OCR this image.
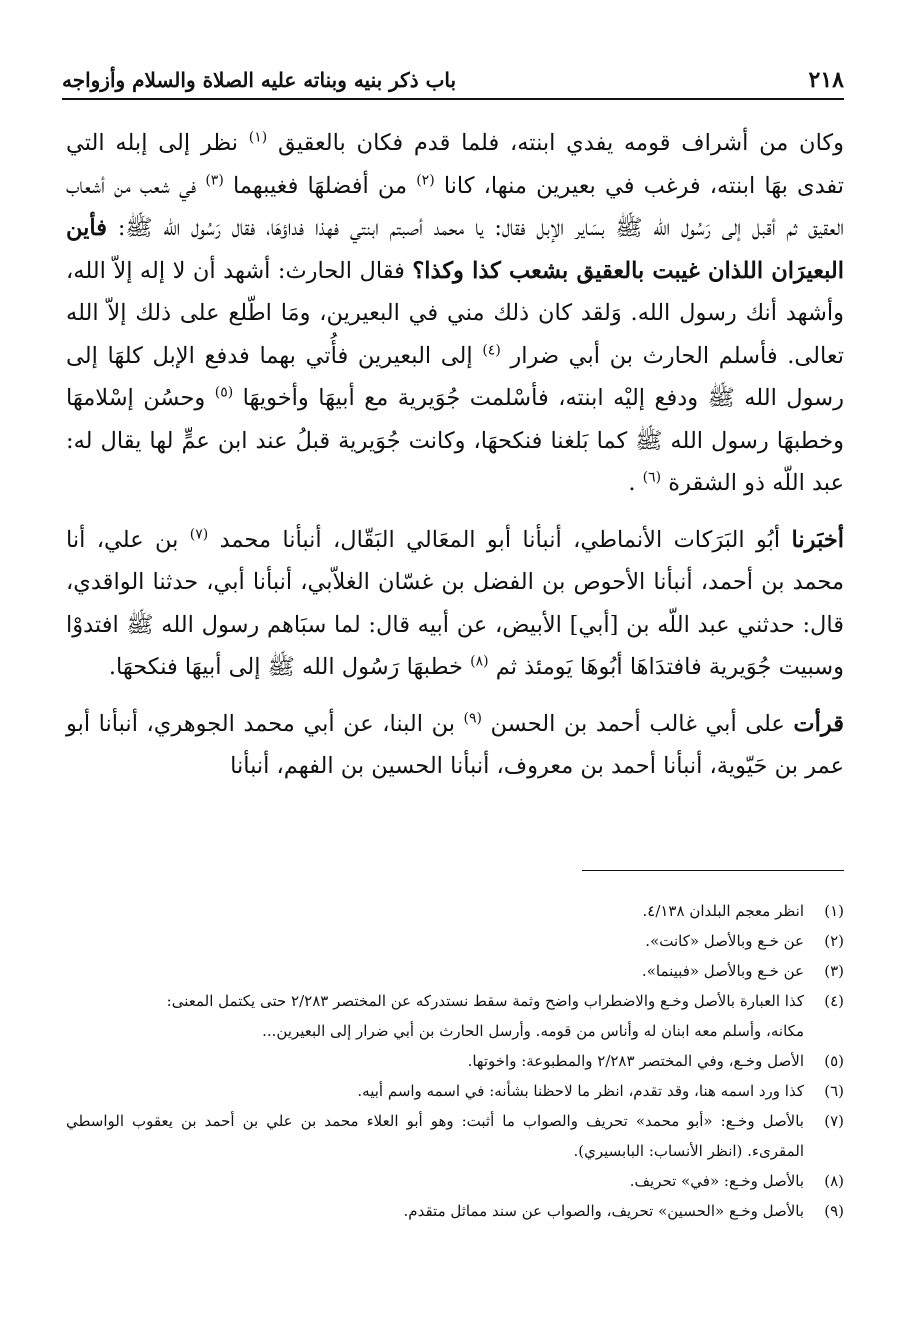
٢١٨
باب ذكر بنيه وبناته عليه الصلاة والسلام وأزواجه

وكان من أشراف قومه يفدي ابنته، فلما قدم فكان بالعقيق $^{(١)}$ نظر إلى إبله التي تفدى بهَا ابنته، فرغب في بعيرين منها، كانا $^{(٢)}$ من أفضلهَا فغيبهما $^{(٣)}$ في شعب من أشعاب العقيق ثم أقبل إلى رَسُول الله ﷺ بسَاير الإبل فقال: يا محمد أصبتم ابنتي فهذا فداؤهَا، فقال رَسُول الله ﷺ: فأين البعيرَان اللذان غيبت بالعقيق بشعب كذا وكذا؟ فقال الحارث: أشهد أن لا إله إلاّ الله، وأشهد أنك رسول الله. وَلقد كان ذلك مني في البعيرين، ومَا اطّلع على ذلك إلاّ الله تعالى. فأسلم الحارث بن أبي ضرار $^{(٤)}$ إلى البعيرين فأُتي بهما فدفع الإبل كلهَا إلى رسول الله ﷺ ودفع إليْه ابنته، فأسْلمت جُوَيرية مع أبيهَا وأخويهَا $^{(٥)}$ وحسُن إسْلامهَا وخطبهَا رسول الله ﷺ كما بَلغنا فنكحهَا، وكانت جُوَيرية قبلُ عند ابن عمٍّ لها يقال له: عبد اللّه ذو الشقرة $^{(٦)}$ .

أخبَرنا أبُو البَرَكات الأنماطي، أنبأنا أبو المعَالي البَقّال، أنبأنا محمد $^{(٧)}$ بن علي، أنا محمد بن أحمد، أنبأنا الأحوص بن الفضل بن غسّان الغلاّبي، أنبأنا أبي، حدثنا الواقدي، قال: حدثني عبد اللّه بن [أبي] الأبيض، عن أبيه قال: لما سبَاهم رسول الله ﷺ افتدوْا وسبيت جُوَيرية فافتدَاهَا أبُوهَا يَومئذ ثم $^{(٨)}$ خطبهَا رَسُول الله ﷺ إلى أبيهَا فنكحهَا.

قرأت على أبي غالب أحمد بن الحسن $^{(٩)}$ بن البنا، عن أبي محمد الجوهري، أنبأنا أبو عمر بن حَيّوية، أنبأنا أحمد بن معروف، أنبأنا الحسين بن الفهم، أنبأنا

(١)
انظر معجم البلدان ٤/١٣٨.
(٢)
عن خـع وبالأصل «كانت».
(٣)
عن خـع وبالأصل «فبينما».
(٤)
كذا العبارة بالأصل وخـع والاضطراب واضح وثمة سقط نستدركه عن المختصر ٢/٢٨٣ حتى يكتمل المعنى:
مكانه، وأسلم معه ابنان له وأناس من قومه. وأرسل الحارث بن أبي ضرار إلى البعيرين...
(٥)
الأصل وخـع، وفي المختصر ٢/٢٨٣ والمطبوعة: واخوتها.
(٦)
كذا ورد اسمه هنا، وقد تقدم، انظر ما لاحظنا بشأنه: في اسمه واسم أبيه.
(٧)
بالأصل وخـع: «أبو محمد» تحريف والصواب ما أثبت: وهو أبو العلاء محمد بن علي بن أحمد بن يعقوب الواسطي المقرىء. (انظر الأنساب: البابسيري).
(٨)
بالأصل وخـع: «في» تحريف.
(٩)
بالأصل وخـع «الحسين» تحريف، والصواب عن سند مماثل متقدم.
